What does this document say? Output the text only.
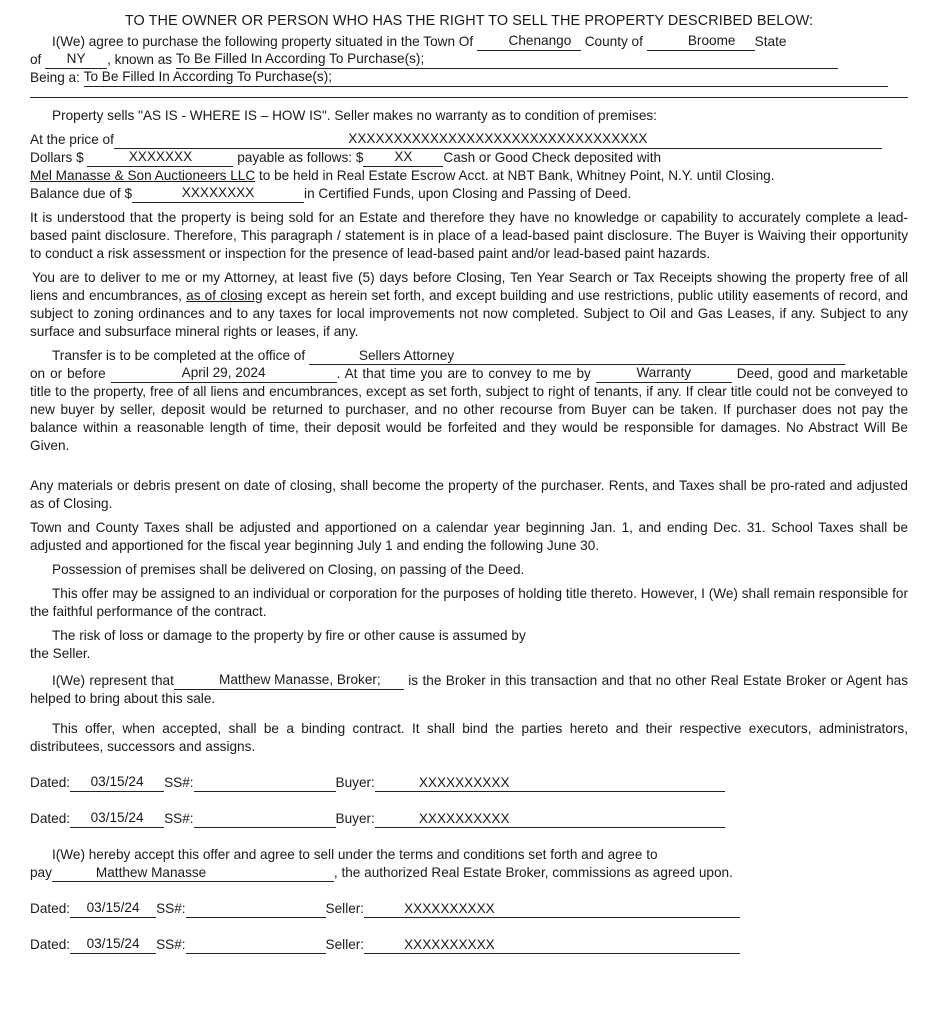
TO THE OWNER OR PERSON WHO HAS THE RIGHT TO SELL THE PROPERTY DESCRIBED BELOW:

I(We) agree to purchase the following property situated in the Town Of Chenango County of	Broome State

of NY , known as To Be Filled In According To Purchase(s);

Being a: To Be Filled In According To Purchase(s);

Property sells "AS IS - WHERE IS – HOW IS". Seller makes no warranty as to condition of premises:

At the price of	XXXXXXXXXXXXXXXXXXXXXXXXXXXXXXXXX

Dollars $	XXXXXXX	payable as follows: $ XX Cash or Good Check deposited with

Mel Manasse & Son Auctioneers LLC to be held in Real Estate Escrow Acct. at NBT Bank, Whitney Point, N.Y. until Closing.

Balance due of $	XXXXXXXX	in Certified Funds, upon Closing and Passing of Deed.

It is understood that the property is being sold for an Estate and therefore they have no knowledge or capability to accurately complete a lead-based paint disclosure. Therefore, This paragraph / statement is in place of a lead-based paint disclosure. The Buyer is Waiving their opportunity to conduct a risk assessment or inspection for the presence of lead-based paint and/or lead-based paint hazards.

You are to deliver to me or my Attorney, at least five (5) days before Closing, Ten Year Search or Tax Receipts showing the property free of all liens and encumbrances, as of closing except as herein set forth, and except building and use restrictions, public utility easements of record, and subject to zoning ordinances and to any taxes for local improvements not now completed. Subject to Oil and Gas Leases, if any. Subject to any surface and subsurface mineral rights or leases, if any.

Transfer is to be completed at the office of	Sellers Attorney

on or before	April 29, 2024	. At that time you are to convey to me by	Warranty	Deed, good and marketable title to the property, free of all liens and encumbrances, except as set forth, subject to right of tenants, if any. If clear title could not be conveyed to new buyer by seller, deposit would be returned to purchaser, and no other recourse from Buyer can be taken. If purchaser does not pay the balance within a reasonable length of time, their deposit would be forfeited and they would be responsible for damages. No Abstract Will Be Given.

Any materials or debris present on date of closing, shall become the property of the purchaser. Rents, and Taxes shall be pro-rated and adjusted as of Closing.

Town and County Taxes shall be adjusted and apportioned on a calendar year beginning Jan. 1, and ending Dec. 31. School Taxes shall be adjusted and apportioned for the fiscal year beginning July 1 and ending the following June 30.

Possession of premises shall be delivered on Closing, on passing of the Deed.

This offer may be assigned to an individual or corporation for the purposes of holding title thereto. However, I (We) shall remain responsible for the faithful performance of the contract.

The risk of loss or damage to the property by fire or other cause is assumed by

the Seller.

I(We) represent that	Matthew Manasse, Broker; is the Broker in this transaction and that no other Real Estate Broker or Agent has helped to bring about this sale.

This offer, when accepted, shall be a binding contract. It shall bind the parties hereto and their respective executors, administrators, distributees, successors and assigns.

Dated: 03/15/24 SS#:	Buyer:	XXXXXXXXXX

Dated: 03/15/24 SS#:	Buyer:	XXXXXXXXXX

I(We) hereby accept this offer and agree to sell under the terms and conditions set forth and agree to

pay	Matthew Manasse	, the authorized Real Estate Broker, commissions as agreed upon.

Dated: 03/15/24 SS#:	Seller:	XXXXXXXXXX

Dated: 03/15/24 SS#:	Seller:	XXXXXXXXXX
